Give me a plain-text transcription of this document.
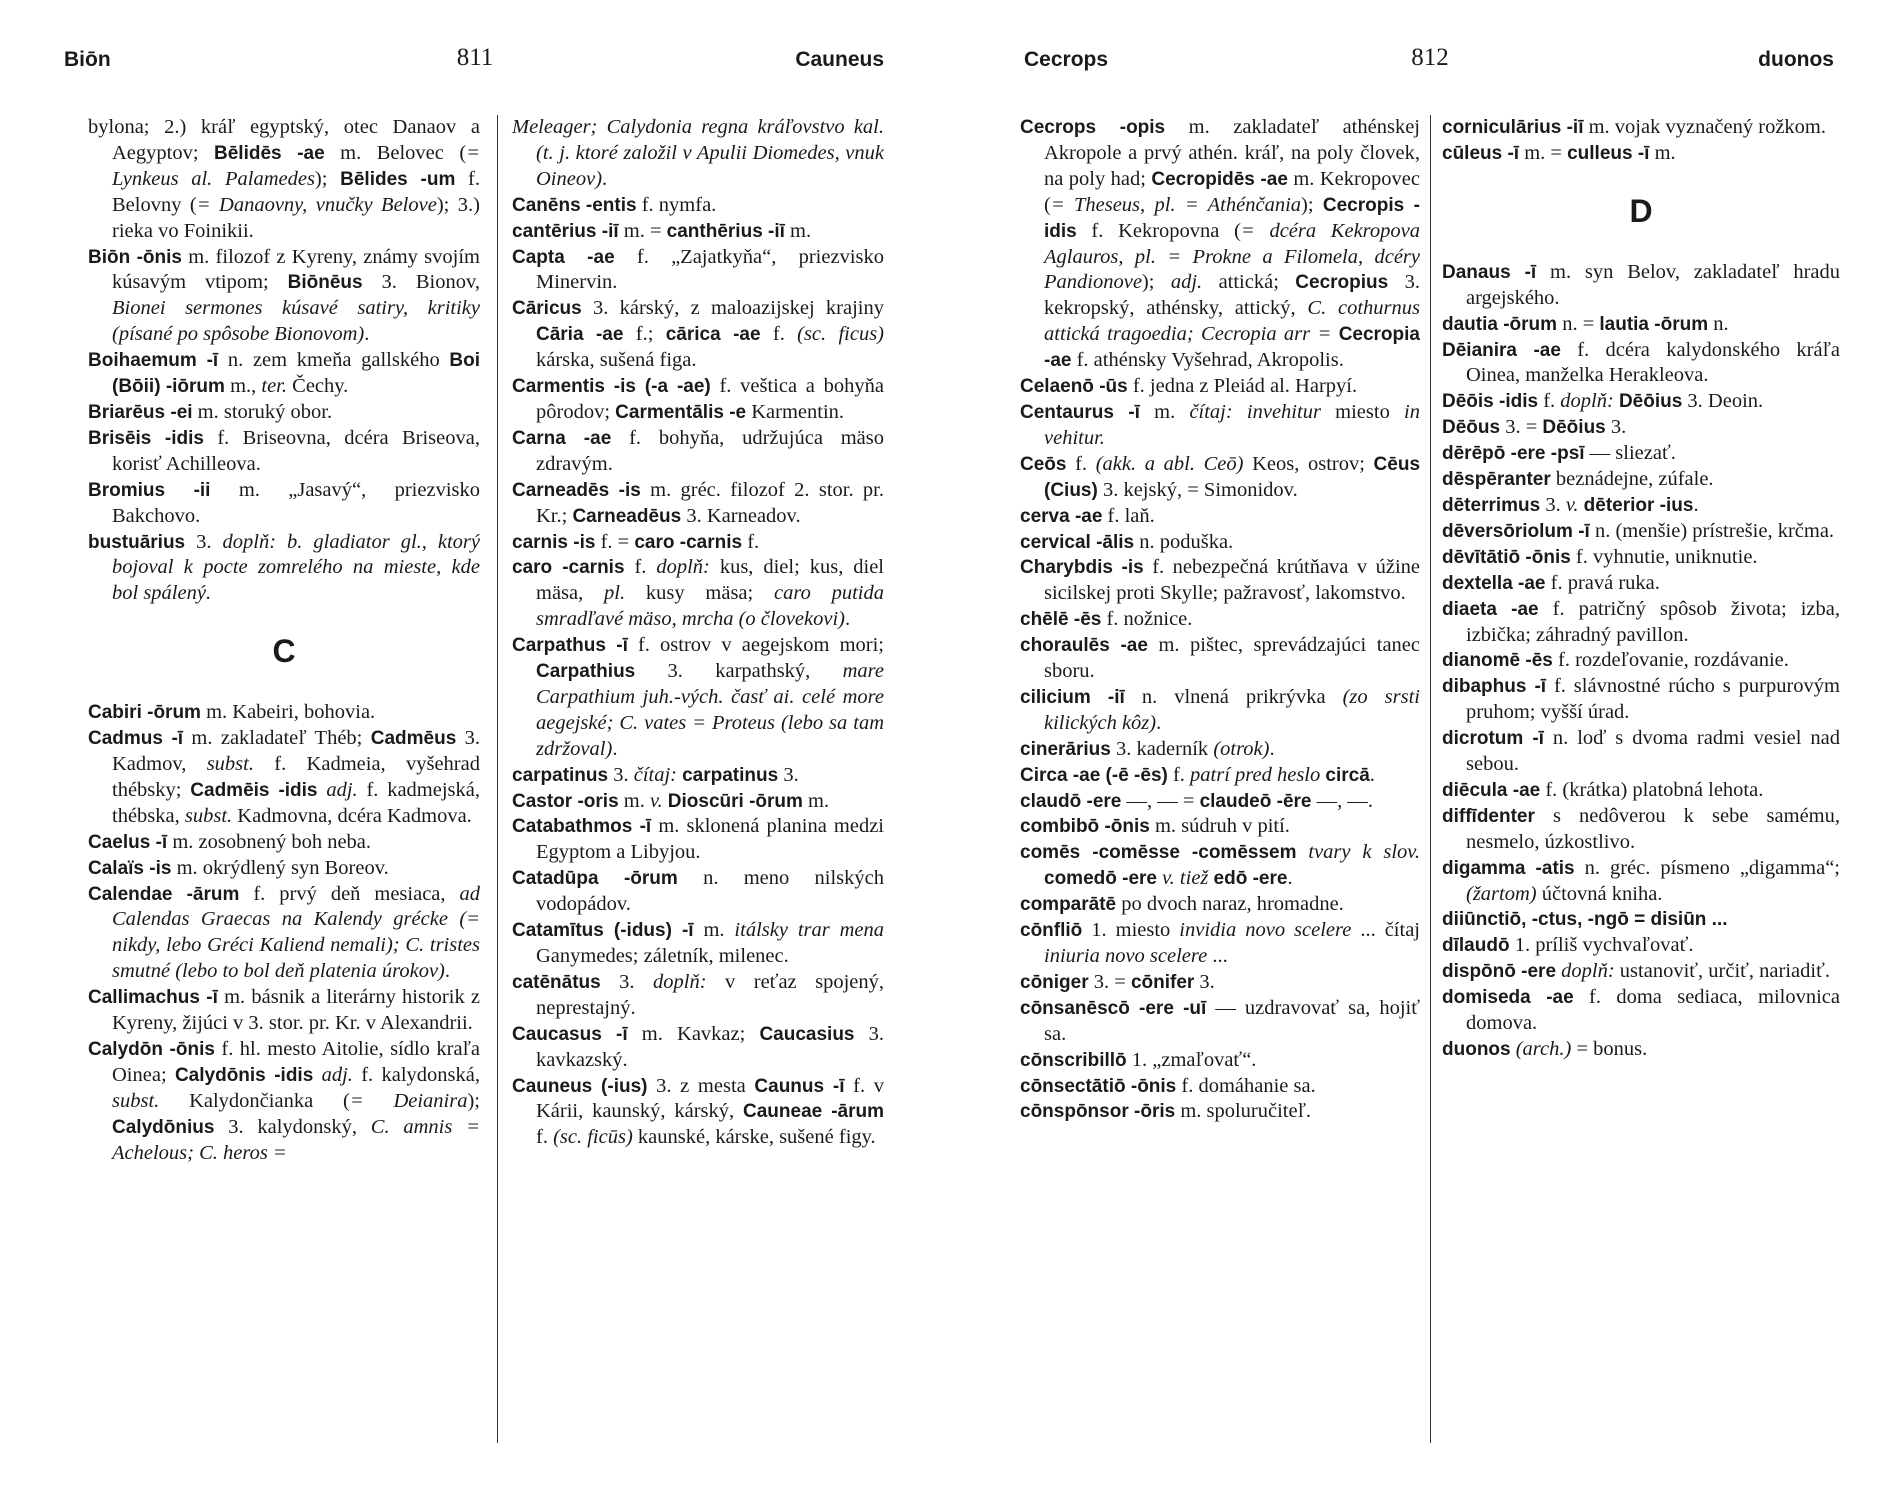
Biōn	811	Cauneus

bylona; 2.) kráľ egyptský, otec Danaov a Aegyptov; Bēlidēs -ae m. Belovec (= Lynkeus al. Palamedes); Bēlides -um f. Belovny (= Danaovny, vnučky Belove); 3.) rieka vo Foinikii.

Biōn -ōnis m. filozof z Kyreny, známy svojím kúsavým vtipom; Biōnēus 3. Bionov, Bionei sermones kúsavé satiry, kritiky (písané po spôsobe Bionovom).

Boihaemum -ī n. zem kmeňa gallského Boi (Bōii) -iōrum m., ter. Čechy.

Briarēus -ei m. storuký obor.

Brisēis -idis f. Briseovna, dcéra Briseova, korisť Achilleova.

Bromius -ii m. „Jasavý“, priezvisko Bakchovo.

bustuārius 3. doplň: b. gladiator gl., ktorý bojoval k pocte zomrelého na mieste, kde bol spálený.

C

Cabiri -ōrum m. Kabeiri, bohovia.

Cadmus -ī m. zakladateľ Théb; Cadmēus 3. Kadmov, subst. f. Kadmeia, vyšehrad thébsky; Cadmēis -idis adj. f. kadmejská, thébska, subst. Kadmovna, dcéra Kadmova.

Caelus -ī m. zosobnený boh neba.

Calaïs -is m. okrýdlený syn Boreov.

Calendae -ārum f. prvý deň mesiaca, ad Calendas Graecas na Kalendy grécke (= nikdy, lebo Gréci Kaliend nemali); C. tristes smutné (lebo to bol deň platenia úrokov).

Callimachus -ī m. básnik a literárny historik z Kyreny, žijúci v 3. stor. pr. Kr. v Alexandrii.

Calydōn -ōnis f. hl. mesto Aitolie, sídlo kraľa Oinea; Calydōnis -idis adj. f. kalydonská, subst. Kalydončianka (= Deianira); Calydōnius 3. kalydonský, C. amnis = Achelous; C. heros =

Meleager; Calydonia regna kráľovstvo kal. (t. j. ktoré založil v Apulii Diomedes, vnuk Oineov).

Canēns -entis f. nymfa.

cantērius -iī m. = canthērius -iī m.

Capta -ae f. „Zajatkyňa“, priezvisko Minervin.

Cāricus 3. kárský, z maloazijskej krajiny Cāria -ae f.; cārica -ae f. (sc. ficus) kárska, sušená figa.

Carmentis -is (-a -ae) f. veštica a bohyňa pôrodov; Carmentālis -e Karmentin.

Carna -ae f. bohyňa, udržujúca mäso zdravým.

Carneadēs -is m. gréc. filozof 2. stor. pr. Kr.; Carneadēus 3. Karneadov.

carnis -is f. = caro -carnis f.

caro -carnis f. doplň: kus, diel; kus, diel mäsa, pl. kusy mäsa; caro putida smradľavé mäso, mrcha (o človekovi).

Carpathus -ī f. ostrov v aegejskom mori; Carpathius 3. karpathský, mare Carpathium juh.-vých. časť ai. celé more aegejské; C. vates = Proteus (lebo sa tam zdržoval).

carpatinus 3. čítaj: carpatinus 3.

Castor -oris m. v. Dioscūri -ōrum m.

Catabathmos -ī m. sklonená planina medzi Egyptom a Libyjou.

Catadūpa -ōrum n. meno nilských vodopádov.

Catamītus (-idus) -ī m. itálsky trar mena Ganymedes; záletník, milenec.

catēnātus 3. doplň: v reťaz spojený, neprestajný.

Caucasus -ī m. Kavkaz; Caucasius 3. kavkazský.

Cauneus (-ius) 3. z mesta Caunus -ī f. v Kárii, kaunský, kárský, Cauneae -ārum f. (sc. ficūs) kaunské, kárske, sušené figy.

Cecrops	812	duonos

Cecrops -opis m. zakladateľ athénskej Akropole a prvý athén. kráľ, na poly človek, na poly had; Cecropidēs -ae m. Kekropovec (= Theseus, pl. = Athénčania); Cecropis -idis f. Kekropovna (= dcéra Kekropova Aglauros, pl. = Prokne a Filomela, dcéry Pandionove); adj. attická; Cecropius 3. kekropský, athénsky, attický, C. cothurnus attická tragoedia; Cecropia arr = Cecropia -ae f. athénsky Vyšehrad, Akropolis.

Celaenō -ūs f. jedna z Pleiád al. Harpyí.

Centaurus -ī m. čítaj: invehitur miesto in vehitur.

Ceōs f. (akk. a abl. Ceō) Keos, ostrov; Cēus (Cius) 3. kejský, = Simonidov.

cerva -ae f. laň.

cervical -ālis n. poduška.

Charybdis -is f. nebezpečná krútňava v úžine sicilskej proti Skylle; pažravosť, lakomstvo.

chēlē -ēs f. nožnice.

choraulēs -ae m. pištec, sprevádzajúci tanec sboru.

cilicium -iī n. vlnená prikrývka (zo srsti kilických kôz).

cinerārius 3. kaderník (otrok).

Circa -ae (-ē -ēs) f. patrí pred heslo circā.

claudō -ere —, — = claudeō -ēre —, —.

combibō -ōnis m. súdruh v pití.

comēs -comēsse -comēssem tvary k slov. comedō -ere v. tiež edō -ere.

comparātē po dvoch naraz, hromadne.

cōnfliō 1. miesto invidia novo scelere ... čítaj iniuria novo scelere ...

cōniger 3. = cōnifer 3.

cōnsanēscō -ere -uī — uzdravovať sa, hojiť sa.

cōnscribillō 1. „zmaľovať“.

cōnsectātiō -ōnis f. domáhanie sa.

cōnspōnsor -ōris m. spoluručiteľ.

corniculārius -iī m. vojak vyznačený rožkom.

cūleus -ī m. = culleus -ī m.

D

Danaus -ī m. syn Belov, zakladateľ hradu argejského.

dautia -ōrum n. = lautia -ōrum n.

Dēianira -ae f. dcéra kalydonského kráľa Oinea, manželka Herakleova.

Dēōis -idis f. doplň: Dēōius 3. Deoin.

Dēōus 3. = Dēōius 3.

dērēpō -ere -psī — sliezať.

dēspēranter beznádejne, zúfale.

dēterrimus 3. v. dēterior -ius.

dēversōriolum -ī n. (menšie) prístrešie, krčma.

dēvītātiō -ōnis f. vyhnutie, uniknutie.

dextella -ae f. pravá ruka.

diaeta -ae f. patričný spôsob života; izba, izbička; záhradný pavillon.

dianomē -ēs f. rozdeľovanie, rozdávanie.

dibaphus -ī f. slávnostné rúcho s purpurovým pruhom; vyšší úrad.

dicrotum -ī n. loď s dvoma radmi vesiel nad sebou.

diēcula -ae f. (krátka) platobná lehota.

diffīdenter s nedôverou k sebe samému, nesmelo, úzkostlivo.

digamma -atis n. gréc. písmeno „digamma“; (žartom) účtovná kniha.

diiūnctiō, -ctus, -ngō = disiūn ...

dīlaudō 1. príliš vychvaľovať.

dispōnō -ere doplň: ustanoviť, určiť, nariadiť.

domiseda -ae f. doma sediaca, milovnica domova.

duonos (arch.) = bonus.
